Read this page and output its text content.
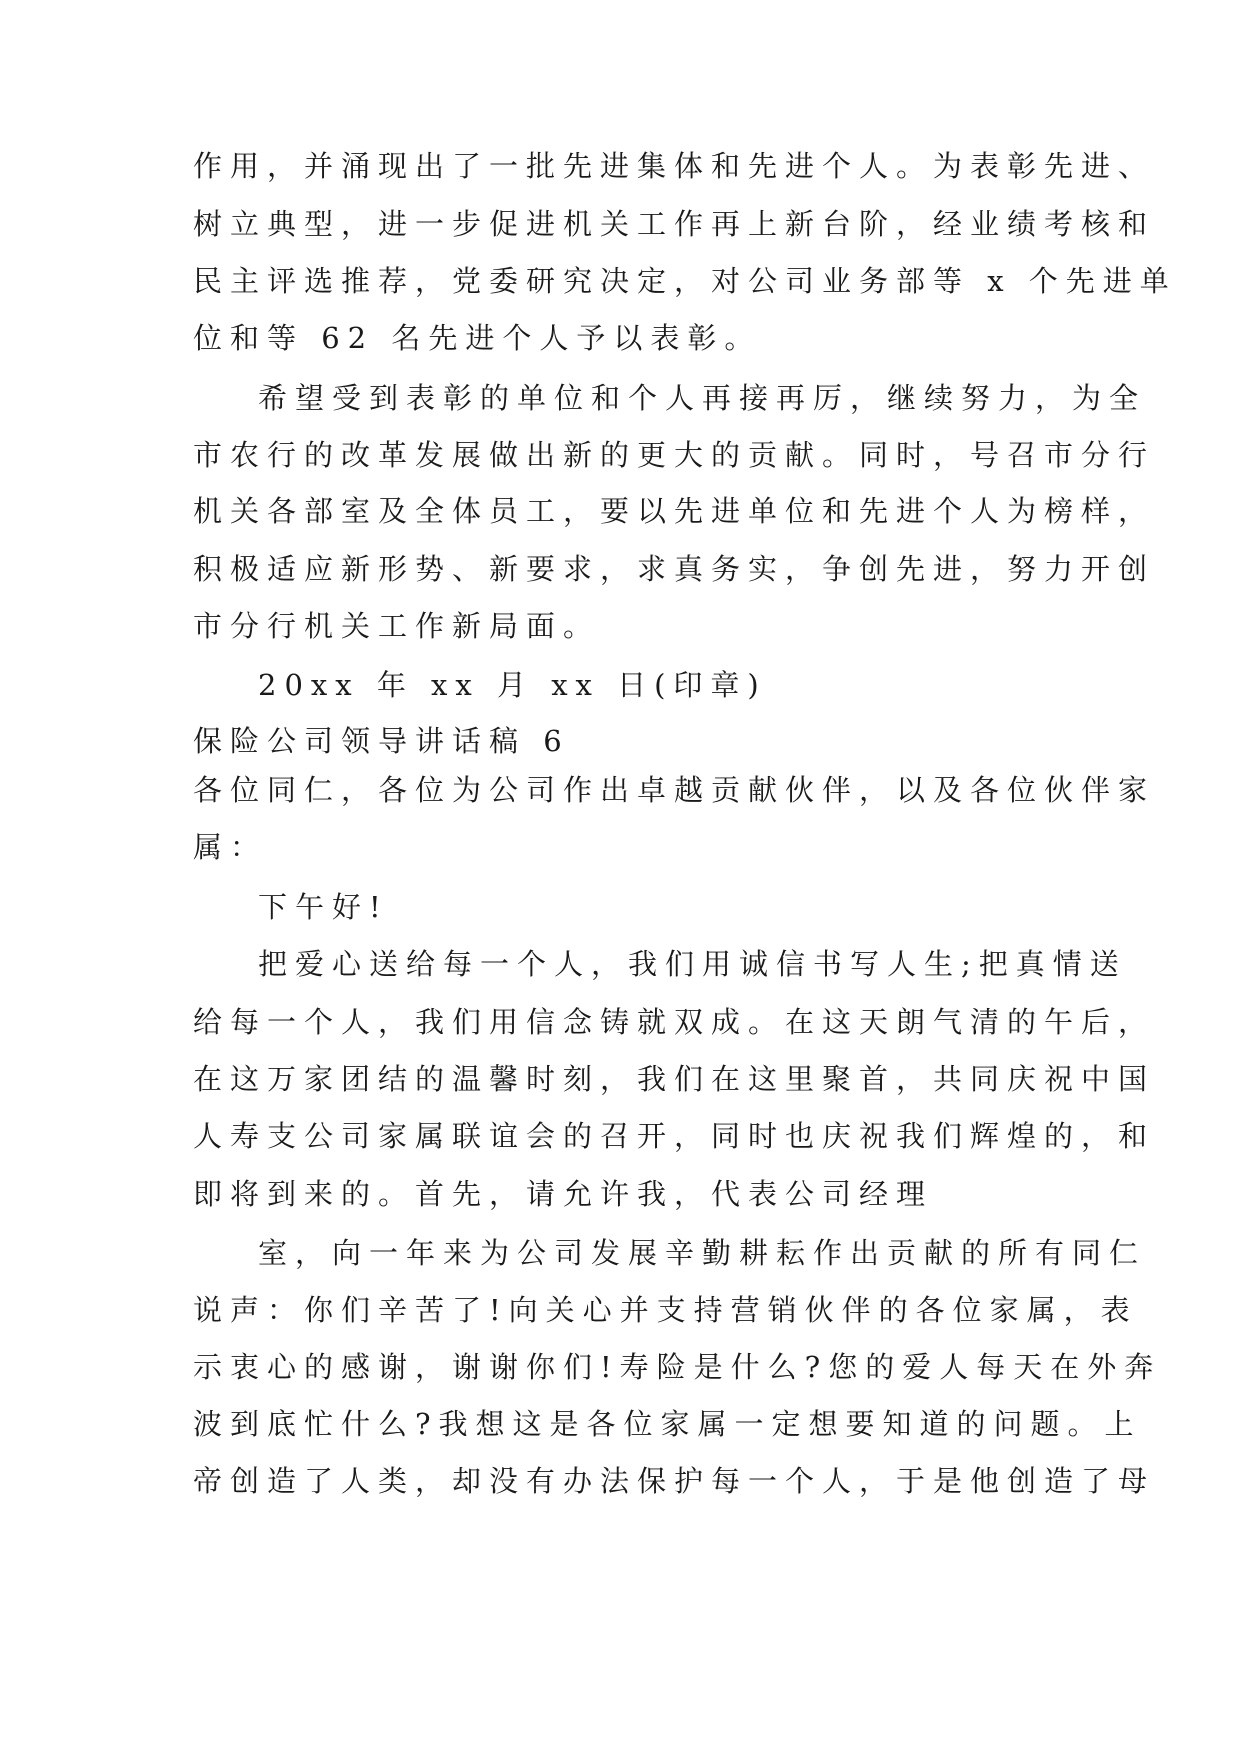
作用，并涌现出了一批先进集体和先进个人。为表彰先进、
树立典型，进一步促进机关工作再上新台阶，经业绩考核和
民主评选推荐，党委研究决定，对公司业务部等 x 个先进单
位和等 62 名先进个人予以表彰。
希望受到表彰的单位和个人再接再厉，继续努力，为全
市农行的改革发展做出新的更大的贡献。同时，号召市分行
机关各部室及全体员工，要以先进单位和先进个人为榜样，
积极适应新形势、新要求，求真务实，争创先进，努力开创
市分行机关工作新局面。
20xx 年 xx 月 xx 日(印章)
保险公司领导讲话稿 6
各位同仁，各位为公司作出卓越贡献伙伴，以及各位伙伴家
属：
下午好!
把爱心送给每一个人，我们用诚信书写人生;把真情送
给每一个人，我们用信念铸就双成。在这天朗气清的午后，
在这万家团结的温馨时刻，我们在这里聚首，共同庆祝中国
人寿支公司家属联谊会的召开，同时也庆祝我们辉煌的，和
即将到来的。首先，请允许我，代表公司经理
室，向一年来为公司发展辛勤耕耘作出贡献的所有同仁
说声：你们辛苦了!向关心并支持营销伙伴的各位家属，表
示衷心的感谢，谢谢你们!寿险是什么?您的爱人每天在外奔
波到底忙什么?我想这是各位家属一定想要知道的问题。上
帝创造了人类，却没有办法保护每一个人，于是他创造了母
